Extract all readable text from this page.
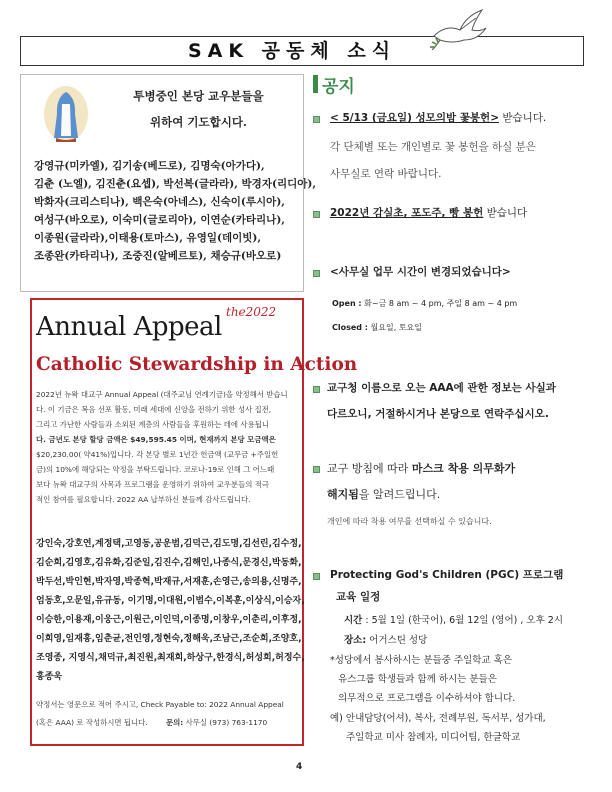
SAK 공동체 소식
투병중인 본당 교우분들을
위하여 기도합시다.
강영규(미카엘), 김기송(베드로), 김명숙(아가다),
김춘 (노엘), 김진춘(요셉), 박선복(글라라), 박경자(리디아),
박화자(크리스티나), 백은숙(아네스), 신숙이(루시아),
여성구(바오로), 이숙미(글로리아), 이연순(카타리나),
이종원(글라라),이태용(토마스), 유영일(데이빗),
조종완(카타리나), 조중진(알베르토), 채승규(바오로)
the2022
Annual Appeal
Catholic Stewardship in Action
2022년 뉴왁 대교구 Annual Appeal (대주교님 연례기금)을 약정해서 받습니
다. 이 기금은 복음 선포 활동, 미래 세대에 신앙을 전하기 위한 성사 집전,
그리고 가난한 사람들과 소외된 계층의 사람들을 후원하는 데에 사용됩니
다. 금년도 본당 할당 금액은 $49,595.45 이며, 현재까지 본당 모금액은
$20,230.00( 약41%)입니다. 각 본당 별로 1년간 헌금액 (교무금 +주일헌
금)의 10%에 해당되는 약정을 부탁드립니다. 코로나-19로 인해 그 어느때
보다 뉴왁 대교구의 사목과 프로그램을 운영하기 위하여 교우분들의 적극
적인 참여를 필요합니다. 2022 AA 납부하신 분들께 감사드립니다.
강인숙,강호연,계정택,고영동,공운범,김덕근,김도명,김선린,김수정,
김순희,김영호,김유화,김준일,김진수,김해인,나종식,문경신,박동화,
박두선,박인현,박자영,박종혁,박재규,서재훈,손영근,송의용,신명주,
엄동호,오문일,유규동, 이기명,이대원,이범수,이복훈,이상식,이승자,
이승한,이용재,이웅근,이원근,이인덕,이종명,이창우,이춘리,이후정,
이희영,임재홍,임춘균,전인영,정현숙,정해욱,조남근,조순희,조양호,
조영종, 지영식,채덕규,최진원,최재희,하상구,한경식,허성희,허정수,
홍종욱
약정서는 영문으로 적어 주시고, Check Payable to: 2022 Annual Appeal
(혹은 AAA) 로 작성하시면 됩니다. 문의: 사무실 (973) 763-1170
공지
< 5/13 (금요일) 성모의밤 꽃봉헌> 받습니다.
각 단체별 또는 개인별로 꽃 봉헌을 하실 분은
사무실로 연락 바랍니다.
2022년 감실초, 포도주, 빵 봉헌 받습니다
<사무실 업무 시간이 변경되었습니다>
Open : 화~금 8 am ~ 4 pm, 주일 8 am ~ 4 pm
Closed : 월요일, 토요일
교구청 이름으로 오는 AAA에 관한 정보는 사실과
다르오니, 거절하시거나 본당으로 연락주십시오.
교구 방침에 따라 마스크 착용 의무화가
해지됨을 알려드립니다.
개인에 따라 착용 여부를 선택하실 수 있습니다.
Protecting God's Children (PGC) 프로그램
교육 일정
시간 : 5월 1일 (한국어), 6월 12일 (영어) , 오후 2시
장소: 어거스틴 성당
*성당에서 봉사하시는 분들중 주일학교 혹은
유스그룹 학생들과 함께 하시는 분들은
의무적으로 프로그램을 이수하셔야 합니다.
예) 안내담당(어셔), 복사, 전례부원, 독서부, 성가대,
주일학교 미사 참례자, 미디어팀, 한글학교
4
